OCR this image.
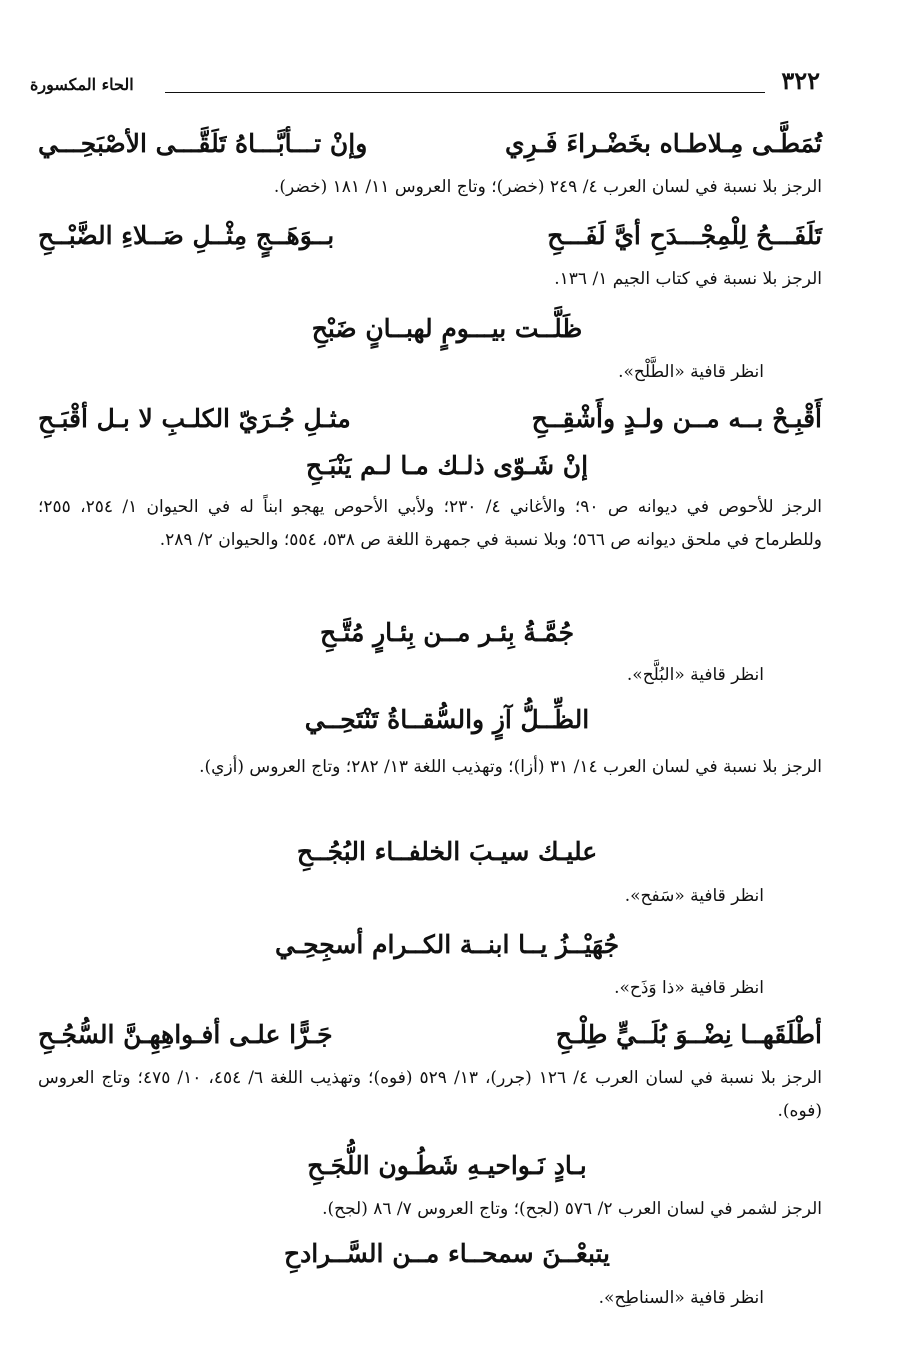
٣٢٢
الحاء المكسورة

تُمَطَّـى مِـلاطـاه بخَضْـراءَ فَـرِي

وإنْ تـــأبَّـــاهُ تَلَقَّـــى الأصْبَحِـــي

الرجز بلا نسبة في لسان العرب ٤/ ٢٤٩ (خضر)؛ وتاج العروس ١١/ ١٨١ (خضر).

تَلَفَـــحُ لِلْمِجْـــدَحِ أيَّ لَفَـــحِ

بــوَهَــجٍ مِثْــلِ صَــلاءِ الضَّبْــحِ

الرجز بلا نسبة في كتاب الجيم ١/ ١٣٦.

ظَلَّــت بيـــومٍ لهبــانٍ ضَبْحِ

انظر قافية «الطَّلْح».

أَقْبِـحْ بــه مــن ولـدٍ وأَشْقِــحِ

مثـلِ جُـرَيّ الكلـبِ لا بـل أقْبَـحِ

إنْ شَـوّى ذلـك مـا لـم يَنْبَـحِ

الرجز للأحوص في ديوانه ص ٩٠؛ والأغاني ٤/ ٢٣٠؛ ولأبي الأحوص يهجو ابناً له في الحيوان ١/ ٢٥٤، ٢٥٥؛ وللطرماح في ملحق ديوانه ص ٥٦٦؛ وبلا نسبة في جمهرة اللغة ص ٥٣٨، ٥٥٤؛ والحيوان ٢/ ٢٨٩.

جُمَّـةُ بِئـر مــن بِئـارٍ مُتَّـحِ

انظر قافية «البُلَّح».

الظِّــلُّ آزٍ والسُّقــاةُ تَنْتَحِــي

الرجز بلا نسبة في لسان العرب ١٤/ ٣١ (أزا)؛ وتهذيب اللغة ١٣/ ٢٨٢؛ وتاج العروس (أزي).

عليـك سيـبَ الخلفــاء البُجُــحِ

انظر قافية «سَفح».

جُهَيْــزُ يــا ابنــة الكــرام أسجِحِـي

انظر قافية «ذا وَذَح».

أطْلَقَهــا نِضْــوَ بُلَــيٍّ طِلْـحِ

جَـرًّا علـى أفـواهِهِـنَّ السُّجُـحِ

الرجز بلا نسبة في لسان العرب ٤/ ١٢٦ (جرر)، ١٣/ ٥٢٩ (فوه)؛ وتهذيب اللغة ٦/ ٤٥٤، ١٠/ ٤٧٥؛ وتاج العروس (فوه).

بـادٍ نَـواحيـهِ شَطُـون اللُّجَـحِ

الرجز لشمر في لسان العرب ٢/ ٥٧٦ (لجح)؛ وتاج العروس ٧/ ٨٦ (لجح).

يتبعْــنَ سمحــاء مــن السَّــرادحِ

انظر قافية «السناطِح».
